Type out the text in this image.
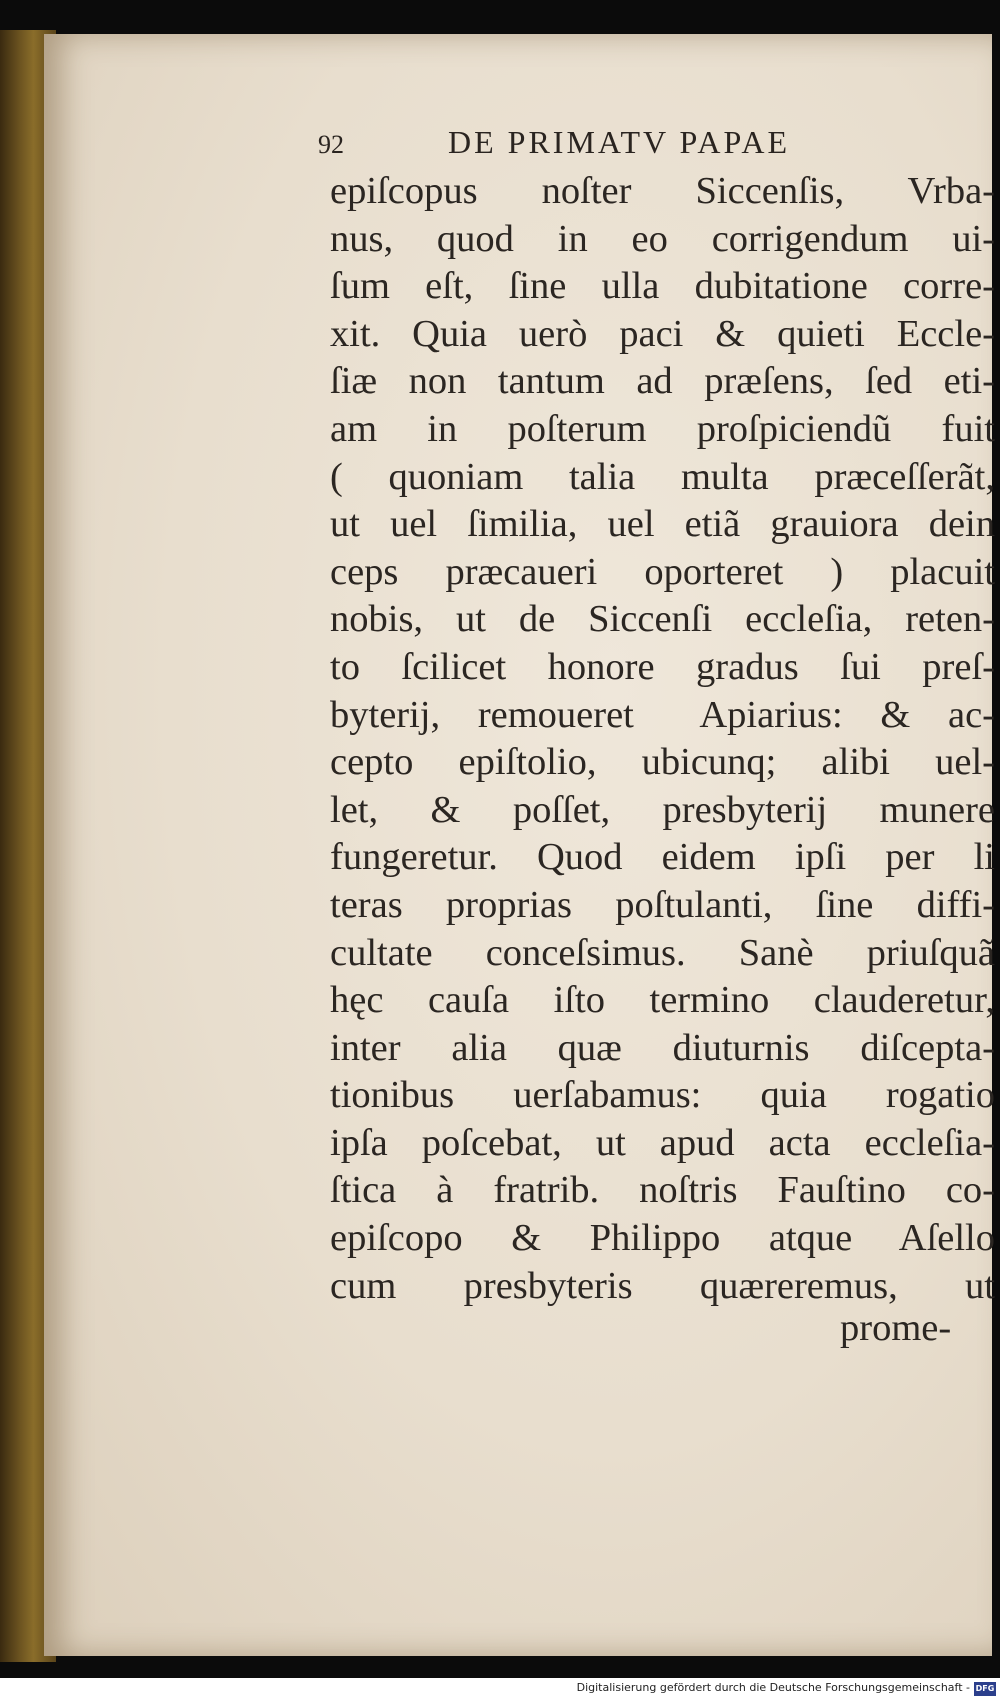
92	DE PRIMATV PAPAE
epiſcopus noſter Siccenſis, Vrba-
nus, quod in eo corrigendum ui-
ſum eſt, ſine ulla dubitatione corre-
xit. Quia uerò paci & quieti Eccle-
ſiæ non tantum ad præſens, ſed eti-
am in poſterum proſpiciendũ fuit
( quoniam talia multa præceſſerãt,
ut uel ſimilia, uel etiã grauiora dein
ceps præcaueri oporteret ) placuit
nobis, ut de Siccenſi eccleſia, reten-
to ſcilicet honore gradus ſui preſ-
byterij, remoueretᷣ Apiarius: & ac-
cepto epiſtolio, ubicunq; alibi uel-
let, & poſſet, presbyterij munere
fungeretur. Quod eidem ipſi per li
teras proprias poſtulanti, ſine diffi-
cultate conceſsimus. Sanè priuſquã
hęc cauſa iſto termino clauderetur,
inter alia quæ diuturnis diſcepta-
tionibus uerſabamus: quia rogatio
ipſa poſcebat, ut apud acta eccleſia-
ſtica à fratrib. noſtris Fauſtino co-
epiſcopo & Philippo atque Aſello
cum presbyteris quæreremus, ut
prome-
Digitalisierung gefördert durch die Deutsche Forschungsgemeinschaft - DFG
